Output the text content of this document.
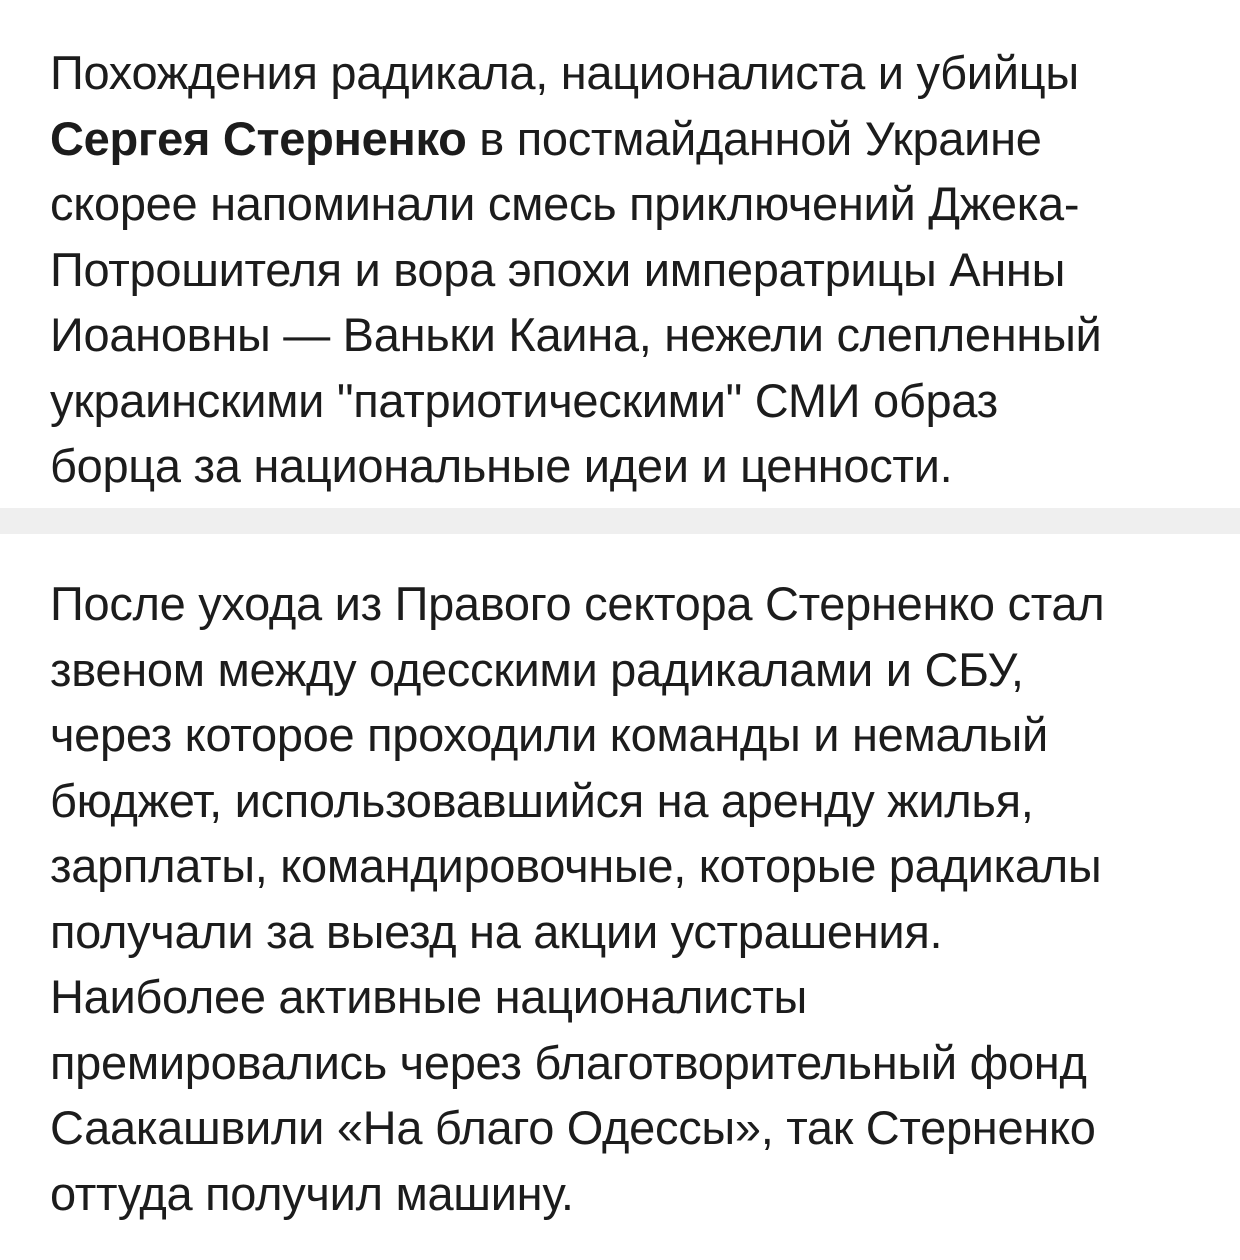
Похождения радикала, националиста и убийцы
Сергея Стерненко в постмайданной Украине
скорее напоминали смесь приключений Джека-
Потрошителя и вора эпохи императрицы Анны
Иоановны — Ваньки Каина, нежели слепленный
украинскими "патриотическими" СМИ образ
борца за национальные идеи и ценности.
После ухода из Правого сектора Стерненко стал
звеном между одесскими радикалами и СБУ,
через которое проходили команды и немалый
бюджет, использовавшийся на аренду жилья,
зарплаты, командировочные, которые радикалы
получали за выезд на акции устрашения.
Наиболее активные националисты
премировались через благотворительный фонд
Саакашвили «На благо Одессы», так Стерненко
оттуда получил машину.
